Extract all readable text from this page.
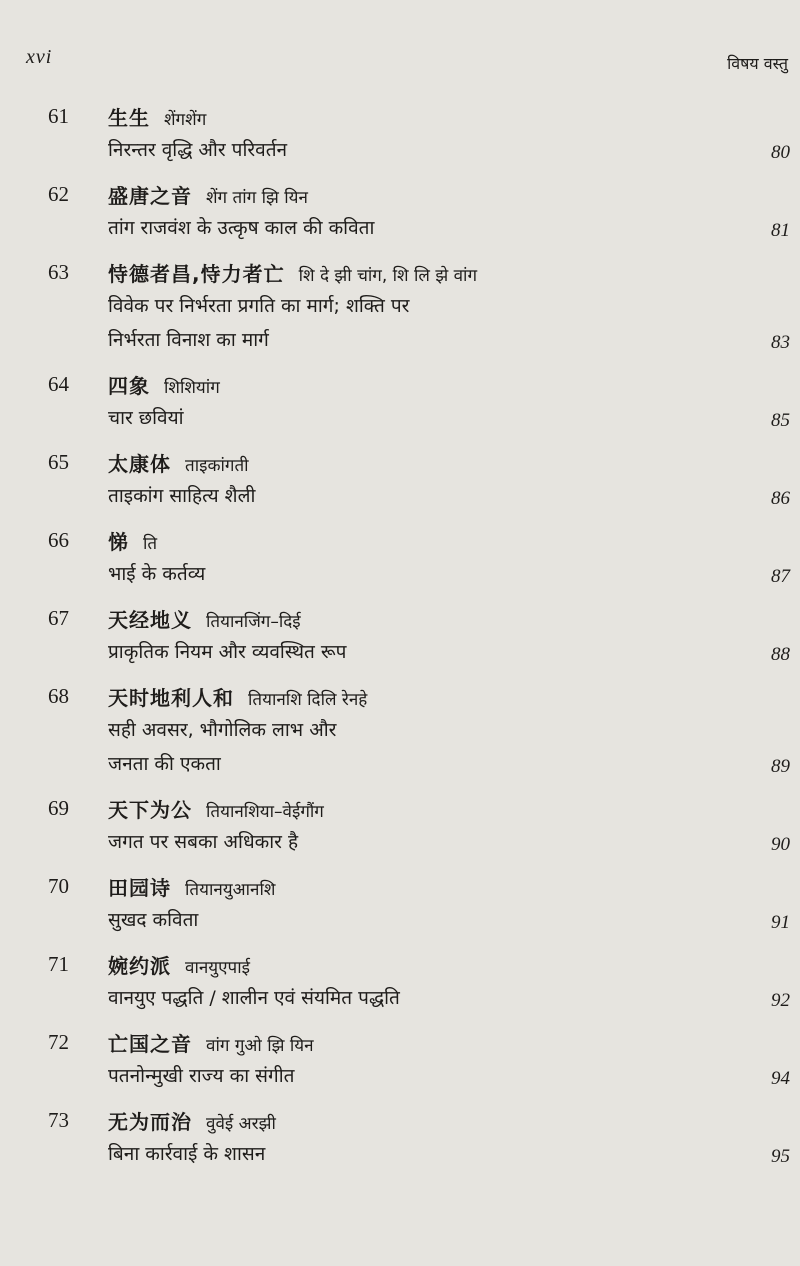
xvi	विषय वस्तु
61 生生 शेंगशेंग
निरन्तर वृद्धि और परिवर्तन	80
62 盛唐之音 शेंग तांग झि यिन
तांग राजवंश के उत्कृष काल की कविता	81
63 恃德者昌,恃力者亡 शि दे झी चांग, शि लि झे वांग
विवेक पर निर्भरता प्रगति का मार्ग; शक्ति पर
निर्भरता विनाश का मार्ग	83
64 四象 शिशियांग
चार छवियां	85
65 太康体 ताइकांगती
ताइकांग साहित्य शैली	86
66 悌 ति
भाई के कर्तव्य	87
67 天经地义 तियानजिंग–दिई
प्राकृतिक नियम और व्यवस्थित रूप	88
68 天时地利人和 तियानशि दिलि रेनहे
सही अवसर, भौगोलिक लाभ और
जनता की एकता	89
69 天下为公 तियानशिया–वेईगौंग
जगत पर सबका अधिकार है	90
70 田园诗 तियानयुआनशि
सुखद कविता	91
71 婉约派 वानयुएपाई
वानयुए पद्धति / शालीन एवं संयमित पद्धति	92
72 亡国之音 वांग गुओ झि यिन
पतनोन्मुखी राज्य का संगीत	94
73 无为而治 वुवेई अरझी
बिना कार्रवाई के शासन	95
